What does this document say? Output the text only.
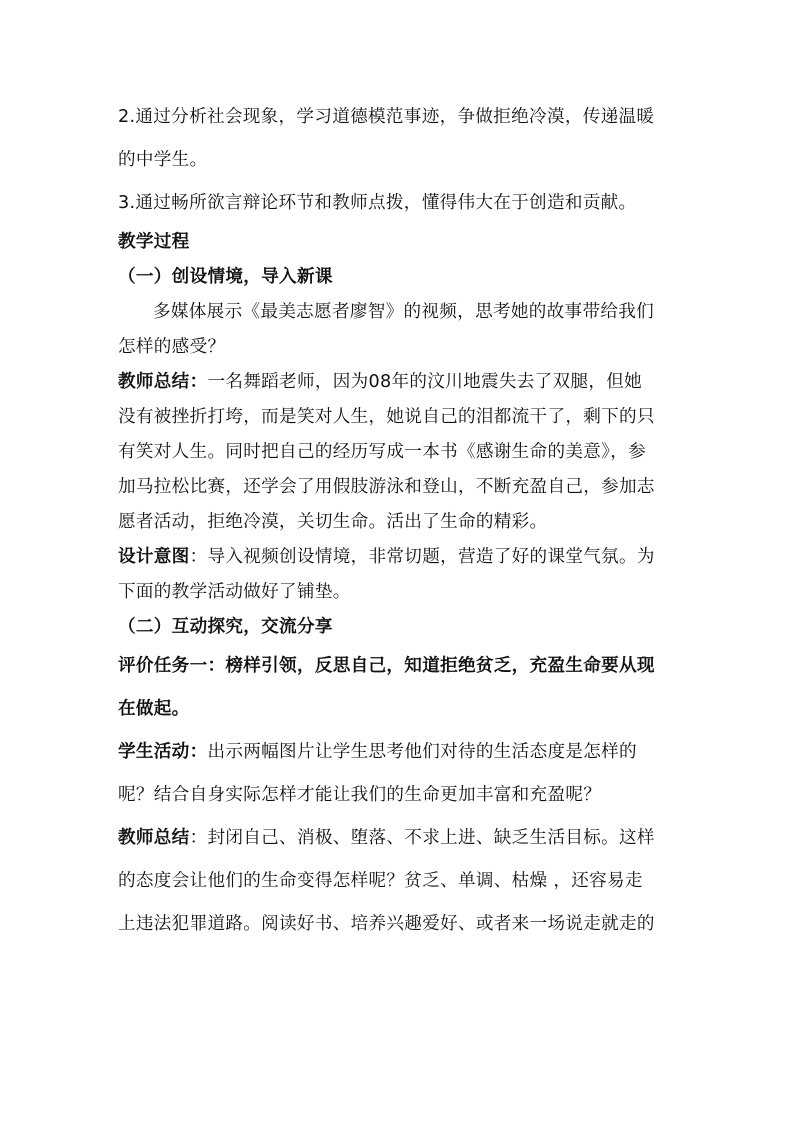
2.通过分析社会现象，学习道德模范事迹，争做拒绝冷漠，传递温暖
的中学生。
3.通过畅所欲言辩论环节和教师点拨，懂得伟大在于创造和贡献。
教学过程
（一）创设情境，导入新课
多媒体展示《最美志愿者廖智》的视频，思考她的故事带给我们
怎样的感受？
教师总结：一名舞蹈老师，因为08年的汶川地震失去了双腿，但她
没有被挫折打垮，而是笑对人生，她说自己的泪都流干了，剩下的只
有笑对人生。同时把自己的经历写成一本书《感谢生命的美意》，参
加马拉松比赛，还学会了用假肢游泳和登山，不断充盈自己，参加志
愿者活动，拒绝冷漠，关切生命。活出了生命的精彩。
设计意图：导入视频创设情境，非常切题，营造了好的课堂气氛。为
下面的教学活动做好了铺垫。
（二）互动探究，交流分享
评价任务一：榜样引领，反思自己，知道拒绝贫乏，充盈生命要从现
在做起。
学生活动：出示两幅图片让学生思考他们对待的生活态度是怎样的
呢？结合自身实际怎样才能让我们的生命更加丰富和充盈呢？
教师总结：封闭自己、消极、堕落、不求上进、缺乏生活目标。这样
的态度会让他们的生命变得怎样呢？贫乏、单调、枯燥 ，还容易走
上违法犯罪道路。阅读好书、培养兴趣爱好、或者来一场说走就走的
